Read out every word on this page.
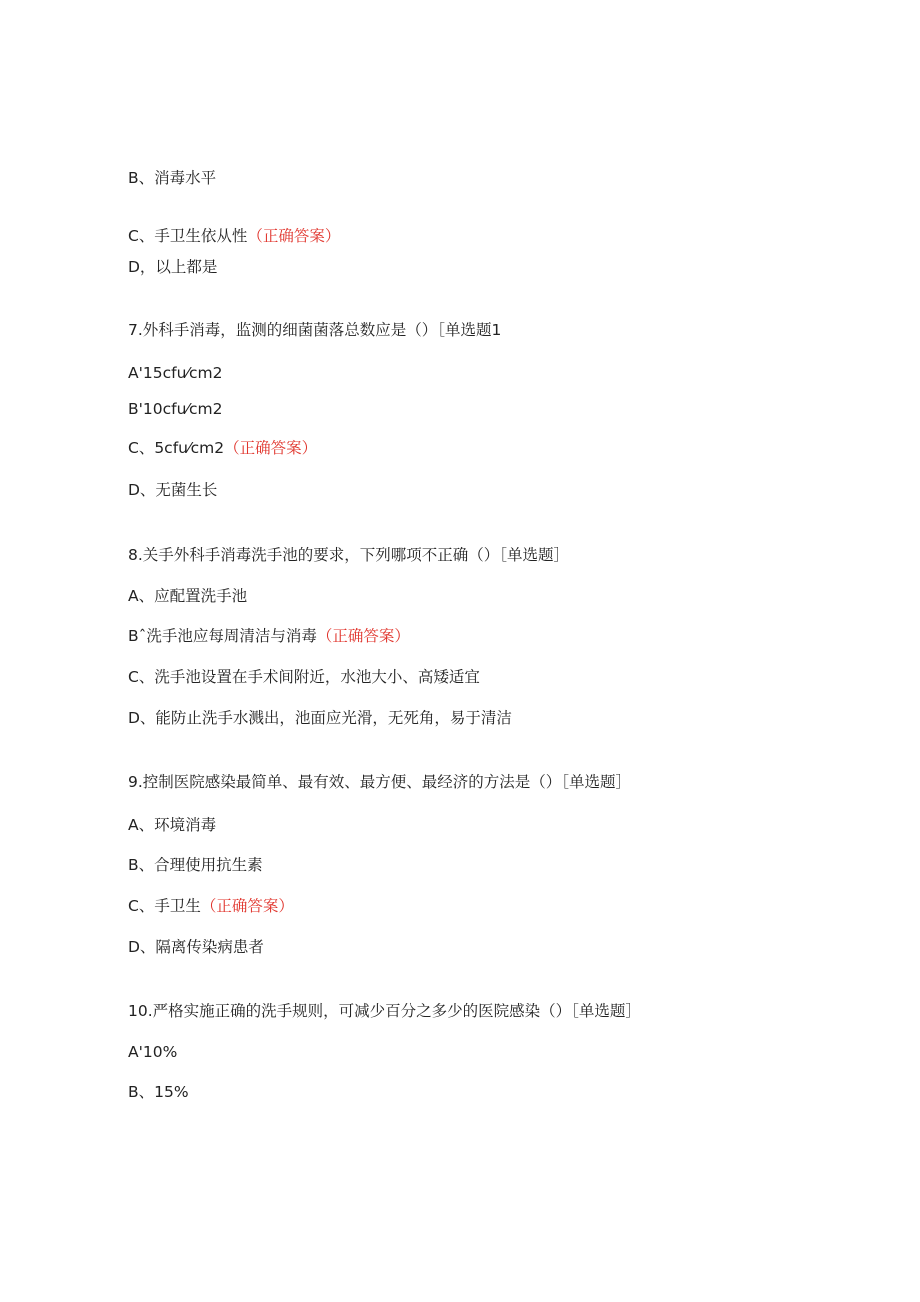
B、消毒水平
C、手卫生依从性（正确答案）
D，以上都是
7.外科手消毒，监测的细菌菌落总数应是（）［单选题1
A'15cfu⁄cm2
B'10cfu⁄cm2
C、5cfu⁄cm2（正确答案）
D、无菌生长
8.关手外科手消毒洗手池的要求，下列哪项不正确（）［单选题］
A、应配置洗手池
Bˆ洗手池应每周清洁与消毒（正确答案）
C、洗手池设置在手术间附近，水池大小、高矮适宜
D、能防止洗手水溅出，池面应光滑，无死角，易于清洁
9.控制医院感染最简单、最有效、最方便、最经济的方法是（）［单选题］
A、环境消毒
B、合理使用抗生素
C、手卫生（正确答案）
D、隔离传染病患者
10.严格实施正确的洗手规则，可减少百分之多少的医院感染（）［单选题］
A'10%
B、15%
